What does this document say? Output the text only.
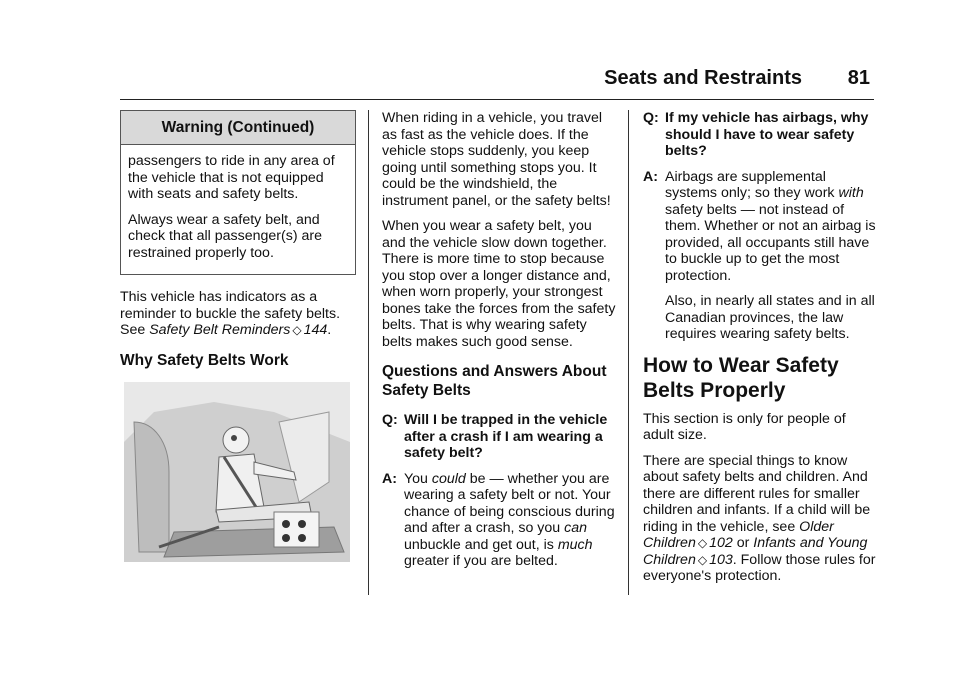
Seats and Restraints 81
Warning (Continued)

passengers to ride in any area of the vehicle that is not equipped with seats and safety belts.

Always wear a safety belt, and check that all passenger(s) are restrained properly too.

This vehicle has indicators as a reminder to buckle the safety belts. See Safety Belt Reminders ◇ 144.

Why Safety Belts Work

When riding in a vehicle, you travel as fast as the vehicle does. If the vehicle stops suddenly, you keep going until something stops you. It could be the windshield, the instrument panel, or the safety belts!

When you wear a safety belt, you and the vehicle slow down together. There is more time to stop because you stop over a longer distance and, when worn properly, your strongest bones take the forces from the safety belts. That is why wearing safety belts makes such good sense.

Questions and Answers About Safety Belts
Q: Will I be trapped in the vehicle after a crash if I am wearing a safety belt?
A: You could be — whether you are wearing a safety belt or not. Your chance of being conscious during and after a crash, so you can unbuckle and get out, is much greater if you are belted.
Q: If my vehicle has airbags, why should I have to wear safety belts?
A: Airbags are supplemental systems only; so they work with safety belts — not instead of them. Whether or not an airbag is provided, all occupants still have to buckle up to get the most protection.

Also, in nearly all states and in all Canadian provinces, the law requires wearing safety belts.

How to Wear Safety Belts Properly

This section is only for people of adult size.

There are special things to know about safety belts and children. And there are different rules for smaller children and infants. If a child will be riding in the vehicle, see Older Children ◇ 102 or Infants and Young Children ◇ 103. Follow those rules for everyone's protection.
